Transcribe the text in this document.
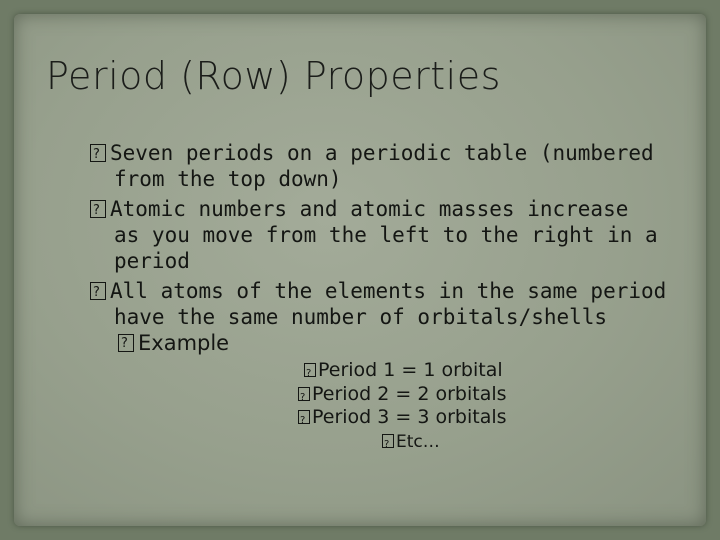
Period (Row) Properties
?Seven periods on a periodic table (numbered
from the top down)
?Atomic numbers and atomic masses increase
as you move from the left to the right in a
period
?All atoms of the elements in the same period
have the same number of orbitals/shells
?Example
?Period 1 = 1 orbital
?Period 2 = 2 orbitals
?Period 3 = 3 orbitals
?Etc…
